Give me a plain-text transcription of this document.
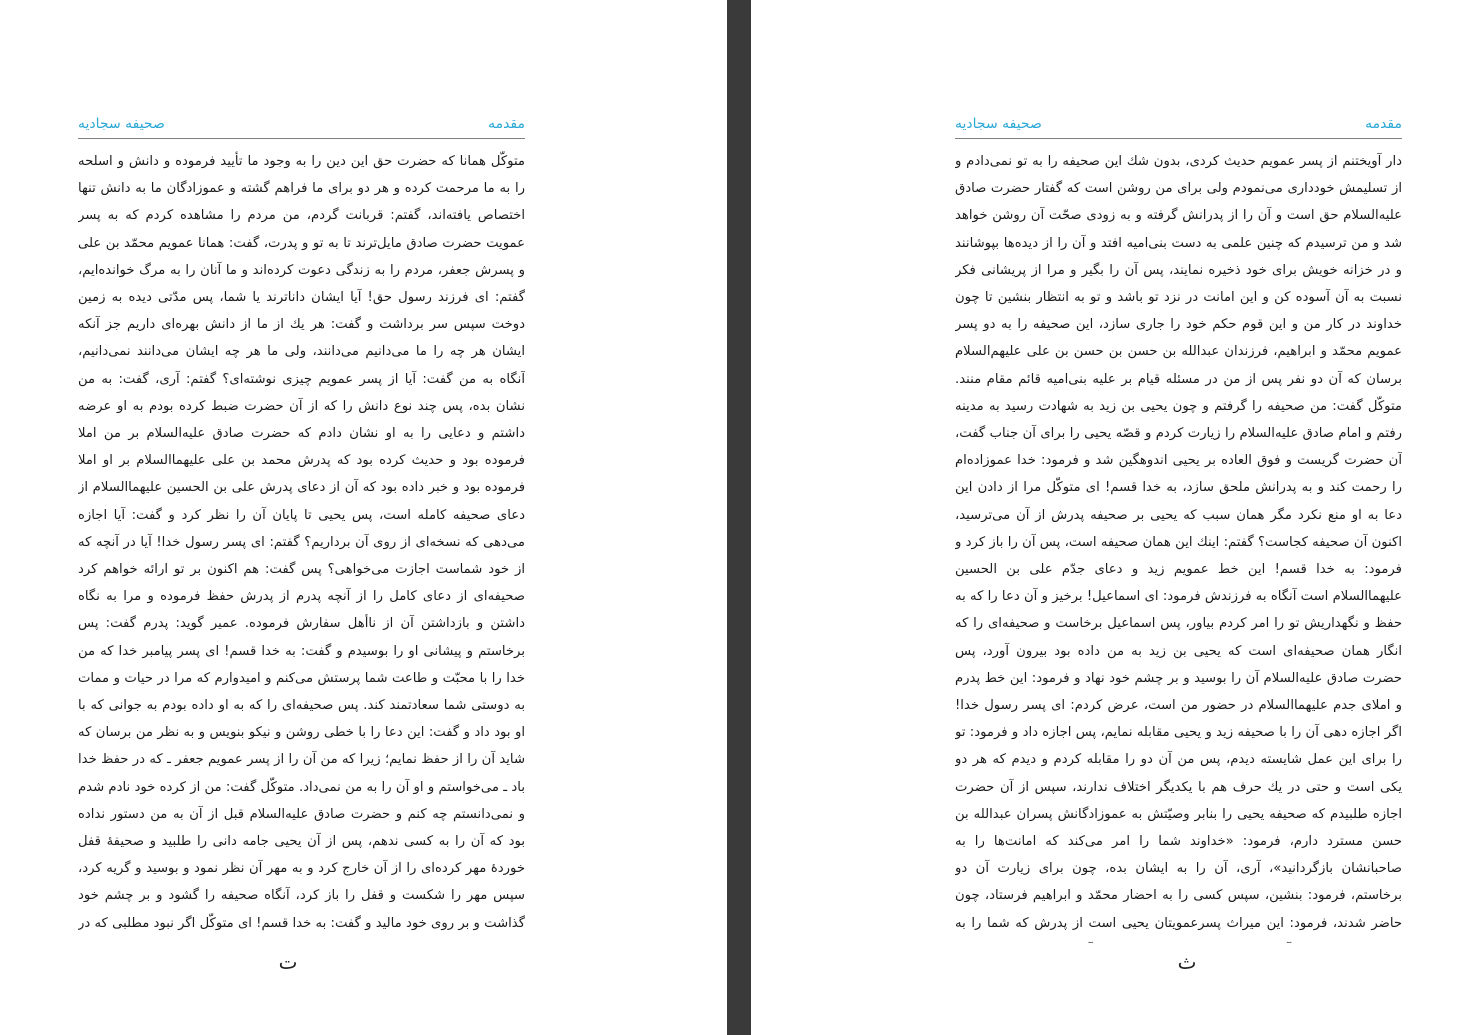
مقدمه
صحیفه سجادیه

متوکّل همانا که حضرت حق این دین را به وجود ما تأیید فرموده و دانش و اسلحه را به ما مرحمت کرده و هر دو برای ما فراهم گشته و عموزادگان ما به دانش تنها اختصاص یافته‌اند، گفتم: قربانت گردم، من مردم را مشاهده کردم که به پسر عمویت حضرت صادق مایل‌ترند تا به تو و پدرت، گفت: همانا عمویم محمّد بن علی و پسرش جعفر، مردم را به زندگی دعوت کرده‌اند و ما آنان را به مرگ خوانده‌ایم، گفتم: ای فرزند رسول حق! آیا ایشان داناترند یا شما، پس مدّتی دیده به زمین دوخت سپس سر برداشت و گفت: هر یك از ما از دانش بهره‌ای داریم جز آنکه ایشان هر چه را ما می‌دانیم می‌دانند، ولی ما هر چه ایشان می‌دانند نمی‌دانیم، آنگاه به من گفت: آیا از پسر عمویم چیزی نوشته‌ای؟ گفتم: آری، گفت: به من نشان بده، پس چند نوع دانش را که از آن حضرت ضبط کرده بودم به او عرضه داشتم و دعایی را به او نشان دادم که حضرت صادق علیه‌السلام بر من املا فرموده بود و حدیث کرده بود که پدرش محمد بن علی علیهماالسلام بر او املا فرموده بود و خبر داده بود که آن از دعای پدرش علی بن الحسین علیهماالسلام از دعای صحیفه کامله است، پس یحیی تا پایان آن را نظر کرد و گفت: آیا اجازه می‌دهی که نسخه‌ای از روی آن برداریم؟ گفتم: ای پسر رسول خدا! آیا در آنچه که از خود شماست اجازت می‌خواهی؟ پس گفت: هم اکنون بر تو ارائه خواهم کرد صحیفه‌ای از دعای کامل را از آنچه پدرم از پدرش حفظ فرموده و مرا به نگاه داشتن و بازداشتن آن از ناأهل سفارش فرموده. عمیر گوید: پدرم گفت: پس برخاستم و پیشانی او را بوسیدم و گفت: به خدا قسم! ای پسر پیامبر خدا که من خدا را با محبّت و طاعت شما پرستش می‌کنم و امیدوارم که مرا در حیات و ممات به دوستی شما سعادتمند کند. پس صحیفه‌ای را که به او داده بودم به جوانی که با او بود داد و گفت: این دعا را با خطی روشن و نیکو بنویس و به نظر من برسان که شاید آن را از حفظ نمایم؛ زیرا که من آن را از پسر عمویم جعفر ـ که در حفظ خدا باد ـ می‌خواستم و او آن را به من نمی‌داد. متوکّل گفت: من از کرده خود نادم شدم و نمی‌دانستم چه کنم و حضرت صادق علیه‌السلام قبل از آن به من دستور نداده بود که آن را به کسی ندهم، پس از آن یحیی جامه دانی را طلبید و صحیفهٔ قفل خوردهٔ مهر کرده‌ای را از آن خارج کرد و به مهر آن نظر نمود و بوسید و گریه کرد، سپس مهر را شکست و قفل را باز کرد، آنگاه صحیفه را گشود و بر چشم خود گذاشت و بر روی خود مالید و گفت: به خدا قسم! ای متوکّل اگر نبود مطلبی که در

ت
مقدمه
صحیفه سجادیه

دار آویختنم از پسر عمویم حدیث کردی، بدون شك این صحیفه را به تو نمی‌دادم و از تسلیمش خودداری می‌نمودم ولی برای من روشن است که گفتار حضرت صادق علیه‌السلام حق است و آن را از پدرانش گرفته و به زودی صحّت آن روشن خواهد شد و من ترسیدم که چنین علمی به دست بنی‌امیه افتد و آن را از دیده‌ها بپوشانند و در خزانه خویش برای خود ذخیره نمایند، پس آن را بگیر و مرا از پریشانی فکر نسبت به آن آسوده کن و این امانت در نزد تو باشد و تو به انتظار بنشین تا چون خداوند در کار من و این قوم حکم خود را جاری سازد، این صحیفه را به دو پسر عمویم محمّد و ابراهیم، فرزندان عبدالله بن حسن بن حسن بن علی علیهم‌السلام برسان که آن دو نفر پس از من در مسئله قیام بر علیه بنی‌امیه قائم مقام منند. متوکّل گفت: من صحیفه را گرفتم و چون یحیی بن زید به شهادت رسید به مدینه رفتم و امام صادق علیه‌السلام را زیارت کردم و قصّه یحیی را برای آن جناب گفت، آن حضرت گریست و فوق العاده بر یحیی اندوهگین شد و فرمود: خدا عموزاده‌ام را رحمت کند و به پدرانش ملحق سازد، به خدا قسم! ای متوکّل مرا از دادن این دعا به او منع نکرد مگر همان سبب که یحیی بر صحیفه پدرش از آن می‌ترسید، اکنون آن صحیفه کجاست؟ گفتم: اینك این همان صحیفه است، پس آن را باز کرد و فرمود: به خدا قسم! این خط عمویم زید و دعای جدّم علی بن الحسین علیهماالسلام است آنگاه به فرزندش فرمود: ای اسماعیل! برخیز و آن دعا را که به حفظ و نگهداریش تو را امر کردم بیاور، پس اسماعیل برخاست و صحیفه‌ای را که انگار همان صحیفه‌ای است که یحیی بن زید به من داده بود بیرون آورد، پس حضرت صادق علیه‌السلام آن را بوسید و بر چشم خود نهاد و فرمود: این خط پدرم و املای جدم علیهماالسلام در حضور من است، عرض کردم: ای پسر رسول خدا! اگر اجازه دهی آن را با صحیفه زید و یحیی مقابله نمایم، پس اجازه داد و فرمود: تو را برای این عمل شایسته دیدم، پس من آن دو را مقابله کردم و دیدم که هر دو یکی است و حتی در یك حرف هم با یکدیگر اختلاف ندارند، سپس از آن حضرت اجازه طلبیدم که صحیفه یحیی را بنابر وصیّتش به عموزادگانش پسران عبدالله بن حسن مسترد دارم، فرمود: «خداوند شما را امر می‌کند که امانت‌ها را به صاحبانشان بازگردانید»، آری، آن را به ایشان بده، چون برای زیارت آن دو برخاستم، فرمود: بنشین، سپس کسی را به احضار محمّد و ابراهیم فرستاد، چون حاضر شدند، فرمود: این میراث پسرعمویتان یحیی است از پدرش که شما را به

ث
